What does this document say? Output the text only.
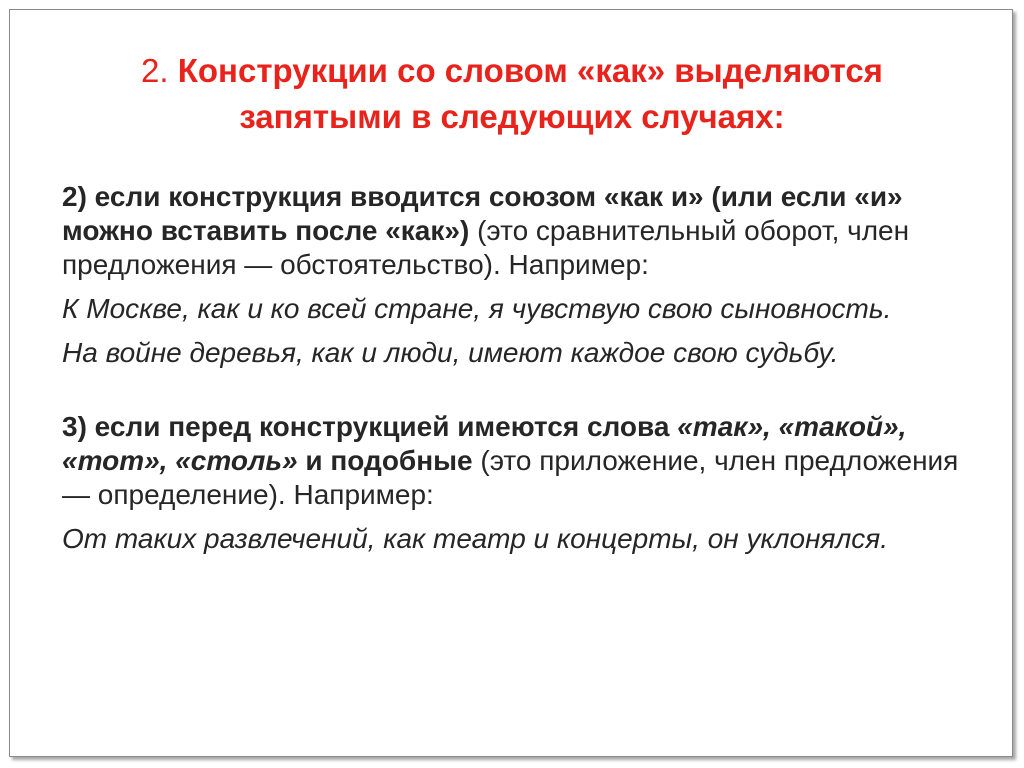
2. Конструкции со словом «как» выделяются запятыми в следующих случаях:

2) если конструкция вводится союзом «как и» (или если «и» можно вставить после «как») (это сравнительный оборот, член предложения — обстоятельство). Например:

К Москве, как и ко всей стране, я чувствую свою сыновность.

На войне деревья, как и люди, имеют каждое свою судьбу.

3) если перед конструкцией имеются слова «так», «такой», «тот», «столь» и подобные (это приложение, член предложения — определение). Например:

От таких развлечений, как театр и концерты, он уклонялся.
